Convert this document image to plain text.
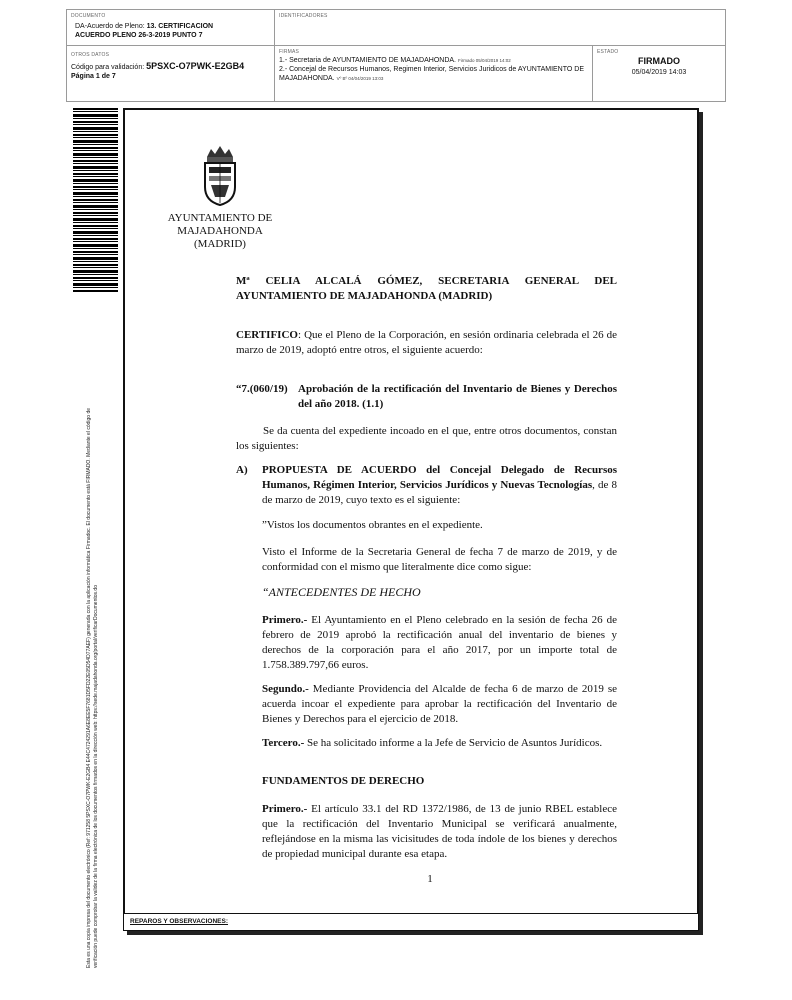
DOCUMENTO
DA-Acuerdo de Pleno: 13. CERTIFICACION
ACUERDO PLENO 26-3-2019 PUNTO 7
IDENTIFICADORES
OTROS DATOS
Código para validación: 5PSXC-O7PWK-E2GB4
Página 1 de 7
FIRMAS
1.- Secretaria de AYUNTAMIENTO DE MAJADAHONDA. Firmado 05/04/2019 14:02
2.- Concejal de Recursos Humanos, Regimen Interior, Servicios Juridicos de AYUNTAMIENTO DE
MAJADAHONDA. Vº Bº 04/04/2019 13:03
ESTADO
FIRMADO
05/04/2019 14:03
Esta es una copia impresa del documento electrónico (Ref: 971258 5PSXC-O7PWK-E2GB4 E44C4724291A6E8EE5F7681D5FD22E05D54D77AEF) generada con la aplicación informática Firmadoc. El documento está FIRMADO. Mediante el código de verificación puede comprobar la validez de la firma electrónica de los documentos firmados en la dirección web: https://sede.majadahonda.org/portal/verificarDocumentos.do
AYUNTAMIENTO DE
MAJADAHONDA
(MADRID)
Mª CELIA ALCALÁ GÓMEZ, SECRETARIA GENERAL DEL AYUNTAMIENTO DE MAJADAHONDA (MADRID)
CERTIFICO: Que el Pleno de la Corporación, en sesión ordinaria celebrada el 26 de marzo de 2019, adoptó entre otros, el siguiente acuerdo:
“7.(060/19) Aprobación de la rectificación del Inventario de Bienes y Derechos del año 2018. (1.1)
Se da cuenta del expediente incoado en el que, entre otros documentos, constan los siguientes:
A)	PROPUESTA DE ACUERDO del Concejal Delegado de Recursos Humanos, Régimen Interior, Servicios Jurídicos y Nuevas Tecnologías, de 8 de marzo de 2019, cuyo texto es el siguiente:
”Vistos los documentos obrantes en el expediente.
Visto el Informe de la Secretaria General de fecha 7 de marzo de 2019, y de conformidad con el mismo que literalmente dice como sigue:
“ANTECEDENTES DE HECHO
Primero.- El Ayuntamiento en el Pleno celebrado en la sesión de fecha 26 de febrero de 2019 aprobó la rectificación anual del inventario de bienes y derechos de la corporación para el año 2017, por un importe total de 1.758.389.797,66 euros.
Segundo.- Mediante Providencia del Alcalde de fecha 6 de marzo de 2019 se acuerda incoar el expediente para aprobar la rectificación del Inventario de Bienes y Derechos para el ejercicio de 2018.
Tercero.- Se ha solicitado informe a la Jefe de Servicio de Asuntos Jurídicos.
FUNDAMENTOS DE DERECHO
Primero.- El artículo 33.1 del RD 1372/1986, de 13 de junio RBEL establece que la rectificación del Inventario Municipal se verificará anualmente, reflejándose en la misma las vicisitudes de toda índole de los bienes y derechos de propiedad municipal durante esa etapa.
1
REPAROS Y OBSERVACIONES:
